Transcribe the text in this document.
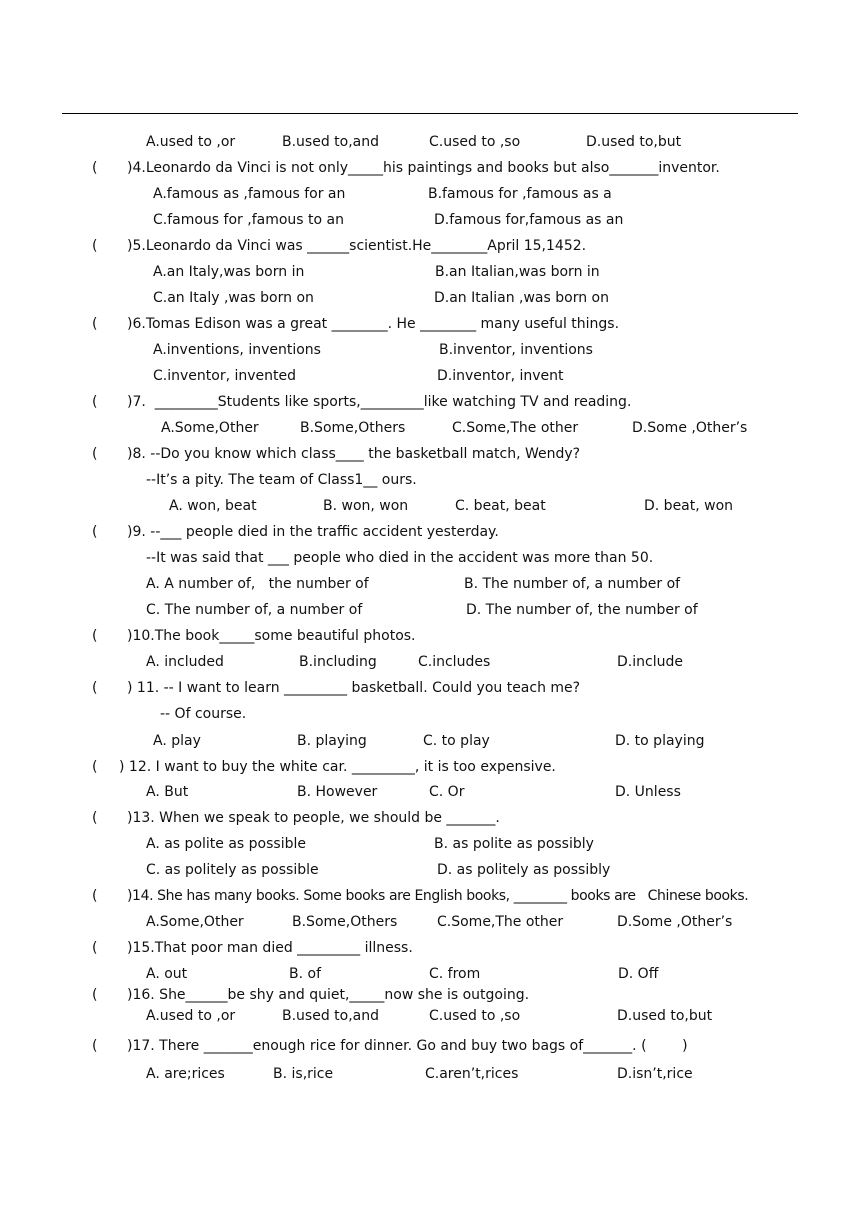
A.used to ,or	B.used to,and	C.used to ,so	D.used to,but
( )4.Leonardo da Vinci is not only_____his paintings and books but also_______inventor.
A.famous as ,famous for an	B.famous for ,famous as a
C.famous for ,famous to an	D.famous for,famous as an
( )5.Leonardo da Vinci was ______scientist.He________April 15,1452.
A.an Italy,was born in	B.an Italian,was born in
C.an Italy ,was born on	D.an Italian ,was born on
( )6.Tomas Edison was a great ________. He ________ many useful things.
A.inventions, inventions	B.inventor, inventions
C.inventor, invented	D.inventor, invent
( )7.  _________Students like sports,_________like watching TV and reading.
A.Some,Other	B.Some,Others	C.Some,The other	D.Some ,Other’s
( )8. --Do you know which class____ the basketball match, Wendy?
--It’s a pity. The team of Class1__ ours.
A. won, beat	B. won, won	C. beat, beat	D. beat, won
( )9. --___ people died in the traffic accident yesterday.
--It was said that ___ people who died in the accident was more than 50.
A. A number of,   the number of	B. The number of, a number of
C. The number of, a number of	D. The number of, the number of
( )10.The book_____some beautiful photos.
A. included	B.including	C.includes	D.include
( ) 11. -- I want to learn _________ basketball. Could you teach me?
-- Of course.
A. play	B. playing	C. to play	D. to playing
( ) 12. I want to buy the white car. _________, it is too expensive.
A. But	B. However	C. Or	D. Unless
( )13. When we speak to people, we should be _______.
A. as polite as possible	B. as polite as possibly
C. as politely as possible	D. as politely as possibly
( )14. She has many books. Some books are English books, ________ books are   Chinese books.
A.Some,Other	B.Some,Others	C.Some,The other	D.Some ,Other’s
( )15.That poor man died _________ illness.
A. out	B. of	C. from	D. Off
( )16. She______be shy and quiet,_____now she is outgoing.
A.used to ,or	B.used to,and	C.used to ,so	D.used to,but
( )17. There _______enough rice for dinner. Go and buy two bags of_______. (        )
A. are;rices	B. is,rice	C.aren’t,rices	D.isn’t,rice
